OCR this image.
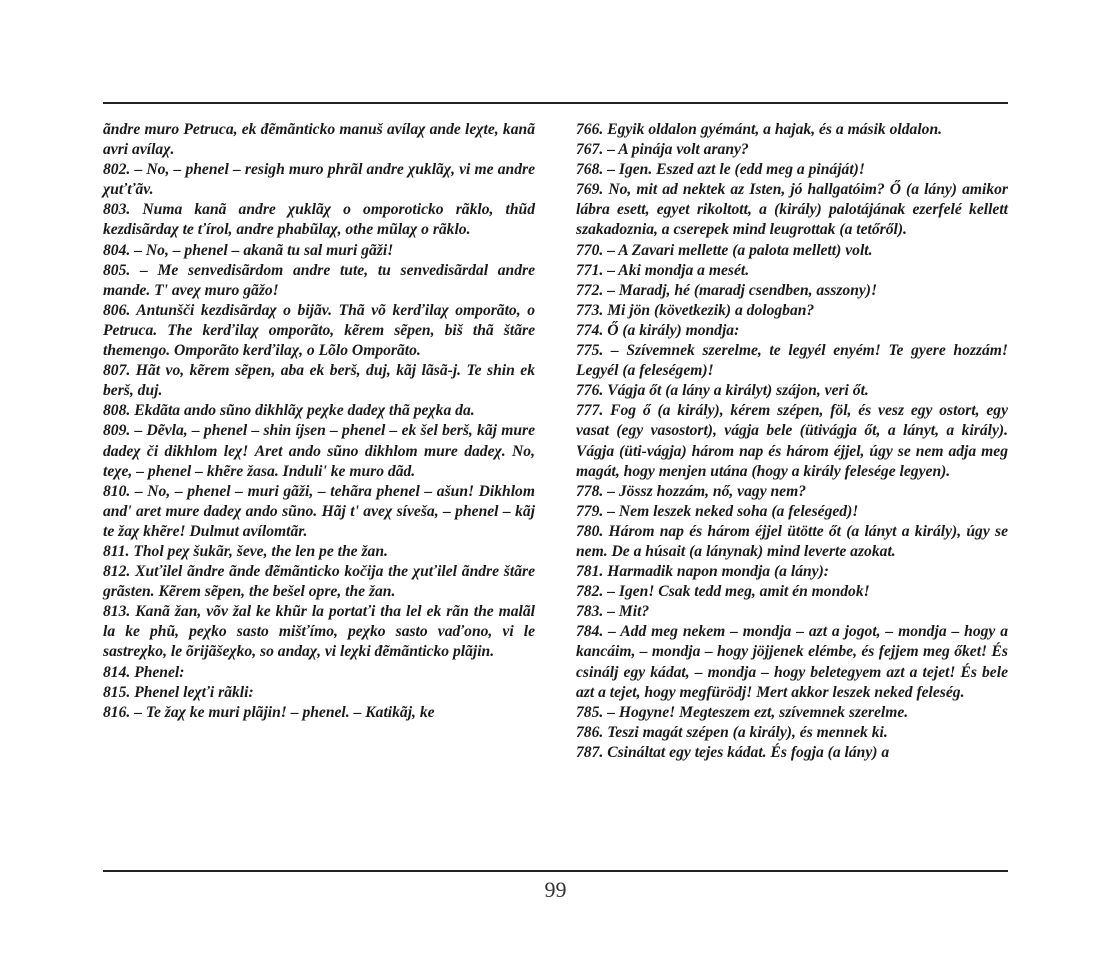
ãndre muro Petruca, ek đẽmãnticko manuš avílaχ ande leχte, kanã avri avílaχ.

802. – No, – phenel – resigh muro phrãl andre χuklãχ, vi me andre χuťťãv.

803. Numa kanã andre χuklãχ o omporoticko rãklo, thũd kezdisãrdaχ te ťírol, andre phabũlaχ, othe mũlaχ o rãklo.

804. – No, – phenel – akanã tu sal muri gãži!

805. – Me senvedisãrdom andre tute, tu senvedisãrdal andre mande. T' aveχ muro gãžo!

806. Antunšči kezdisãrdaχ o bijãv. Thã võ kerďilaχ omporãto, o Petruca. The kerďilaχ omporãto, kẽrem sẽpen, biš thã štãre themengo. Omporãto kerďilaχ, o Lõlo Omporãto.

807. Hãt vo, kẽrem sẽpen, aba ek berš, duj, kãj lãsã-j. Te shin ek berš, duj.

808. Ekdãta ando sũno dikhlãχ peχke dadeχ thã peχka da.

809. – Dẽvla, – phenel – shin íjsen – phenel – ek šel berš, kãj mure dadeχ či dikhlom leχ! Aret ando sũno dikhlom mure dadeχ. No, teχe, – phenel – khẽre žasa. Induli' ke muro dãd.

810. – No, – phenel – muri gãži, – tehãra phenel – ašun! Dikhlom and' aret mure dadeχ ando sũno. Hãj t' aveχ síveša, – phenel – kãj te žaχ khẽre! Dulmut avílomtãr.

811. Thol peχ šukãr, ševe, the len pe the žan.

812. Xuťilel ãndre ãnde đẽmãnticko kočija the χuťilel ãndre štãre grãsten. Kẽrem sẽpen, the bešel opre, the žan.

813. Kanã žan, võv žal ke khũr la portaťi tha lel ek rãn the malãl la ke phũ, peχko sasto mišťímo, peχko sasto vaďono, vi le sastreχko, le õrijãšeχko, so andaχ, vi leχki đẽmãnticko plãjin.

814. Phenel:

815. Phenel leχťi rãkli:

816. – Te žaχ ke muri plãjin! – phenel. – Katikãj, ke

766. Egyik oldalon gyémánt, a hajak, és a másik oldalon.

767. – A pinája volt arany?

768. – Igen. Eszed azt le (edd meg a pináját)!

769. No, mit ad nektek az Isten, jó hallgatóim? Ő (a lány) amikor lábra esett, egyet rikoltott, a (király) palotájának ezerfelé kellett szakadoznia, a cserepek mind leugrottak (a tetőről).

770. – A Zavari mellette (a palota mellett) volt.

771. – Aki mondja a mesét.

772. – Maradj, hé (maradj csendben, asszony)!

773. Mi jön (következik) a dologban?

774. Ő (a király) mondja:

775. – Szívemnek szerelme, te legyél enyém! Te gyere hozzám! Legyél (a feleségem)!

776. Vágja őt (a lány a királyt) szájon, veri őt.

777. Fog ő (a király), kérem szépen, föl, és vesz egy ostort, egy vasat (egy vasostort), vágja bele (ütivágja őt, a lányt, a király). Vágja (üti-vágja) három nap és három éjjel, úgy se nem adja meg magát, hogy menjen utána (hogy a király felesége legyen).

778. – Jössz hozzám, nő, vagy nem?

779. – Nem leszek neked soha (a feleséged)!

780. Három nap és három éjjel ütötte őt (a lányt a király), úgy se nem. De a húsait (a lánynak) mind leverte azokat.

781. Harmadik napon mondja (a lány):

782. – Igen! Csak tedd meg, amit én mondok!

783. – Mit?

784. – Add meg nekem – mondja – azt a jogot, – mondja – hogy a kancáim, – mondja – hogy jöjjenek elémbe, és fejjem meg őket! És csinálj egy kádat, – mondja – hogy beletegyem azt a tejet! És bele azt a tejet, hogy megfürödj! Mert akkor leszek neked feleség.

785. – Hogyne! Megteszem ezt, szívemnek szerelme.

786. Teszi magát szépen (a király), és mennek ki.

787. Csináltat egy tejes kádat. És fogja (a lány) a

99
